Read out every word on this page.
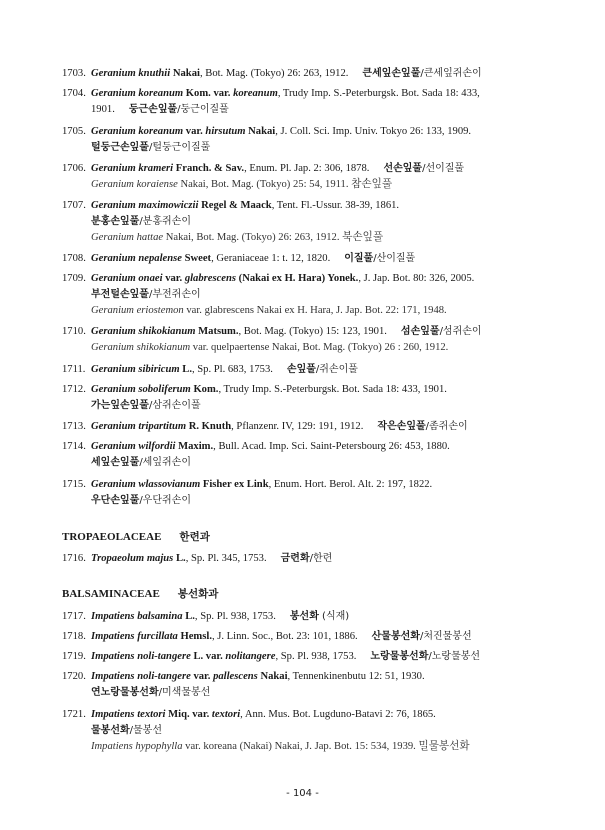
1703. Geranium knuthii Nakai, Bot. Mag. (Tokyo) 26: 263, 1912. 큰세잎손잎풀/큰세잎쥐손이
1704. Geranium koreanum Kom. var. koreanum, Trudy Imp. S.-Peterburgsk. Bot. Sada 18: 433,
1901. 둥근손잎풀/둥근이질풀
1705. Geranium koreanum var. hirsutum Nakai, J. Coll. Sci. Imp. Univ. Tokyo 26: 133, 1909.
털둥근손잎풀/털둥근이질풀
1706. Geranium krameri Franch. & Sav., Enum. Pl. Jap. 2: 306, 1878. 선손잎풀/선이질풀
Geranium koraiense Nakai, Bot. Mag. (Tokyo) 25: 54, 1911. 참손잎풀
1707. Geranium maximowiczii Regel & Maack, Tent. Fl.-Ussur. 38-39, 1861.
분홍손잎풀/분홍쥐손이
Geranium hattae Nakai, Bot. Mag. (Tokyo) 26: 263, 1912. 북손잎풀
1708. Geranium nepalense Sweet, Geraniaceae 1: t. 12, 1820. 이질풀/산이질풀
1709. Geranium onaei var. glabrescens (Nakai ex H. Hara) Yonek., J. Jap. Bot. 80: 326, 2005.
부전털손잎풀/부전쥐손이
Geranium eriostemon var. glabrescens Nakai ex H. Hara, J. Jap. Bot. 22: 171, 1948.
1710. Geranium shikokianum Matsum., Bot. Mag. (Tokyo) 15: 123, 1901. 섬손잎풀/섬쥐손이
Geranium shikokianum var. quelpaertense Nakai, Bot. Mag. (Tokyo) 26 : 260, 1912.
1711. Geranium sibiricum L., Sp. Pl. 683, 1753. 손잎풀/쥐손이풀
1712. Geranium soboliferum Kom., Trudy Imp. S.-Peterburgsk. Bot. Sada 18: 433, 1901.
가는잎손잎풀/삼쥐손이풀
1713. Geranium tripartitum R. Knuth, Pflanzenr. IV, 129: 191, 1912. 작은손잎풀/좀쥐손이
1714. Geranium wilfordii Maxim., Bull. Acad. Imp. Sci. Saint-Petersbourg 26: 453, 1880.
세잎손잎풀/세잎쥐손이
1715. Geranium wlassovianum Fisher ex Link, Enum. Hort. Berol. Alt. 2: 197, 1822.
우단손잎풀/우단쥐손이
1716. Tropaeolum majus L., Sp. Pl. 345, 1753. 금련화/한련
1717. Impatiens balsamina L., Sp. Pl. 938, 1753. 봉선화 (식재)
1718. Impatiens furcillata Hemsl., J. Linn. Soc., Bot. 23: 101, 1886. 산물봉선화/처진물봉선
1719. Impatiens noli-tangere L. var. nolitangere, Sp. Pl. 938, 1753. 노랑물봉선화/노랑물봉선
1720. Impatiens noli-tangere var. pallescens Nakai, Tennenkinenbutu 12: 51, 1930.
연노랑물봉선화/미색물봉선
1721. Impatiens textori Miq. var. textori, Ann. Mus. Bot. Lugduno-Batavi 2: 76, 1865.
물봉선화/물봉선
Impatiens hypophylla var. koreana (Nakai) Nakai, J. Jap. Bot. 15: 534, 1939. 밀물봉선화
TROPAEOLACEAE 한련과
BALSAMINACEAE 봉선화과
- 104 -
